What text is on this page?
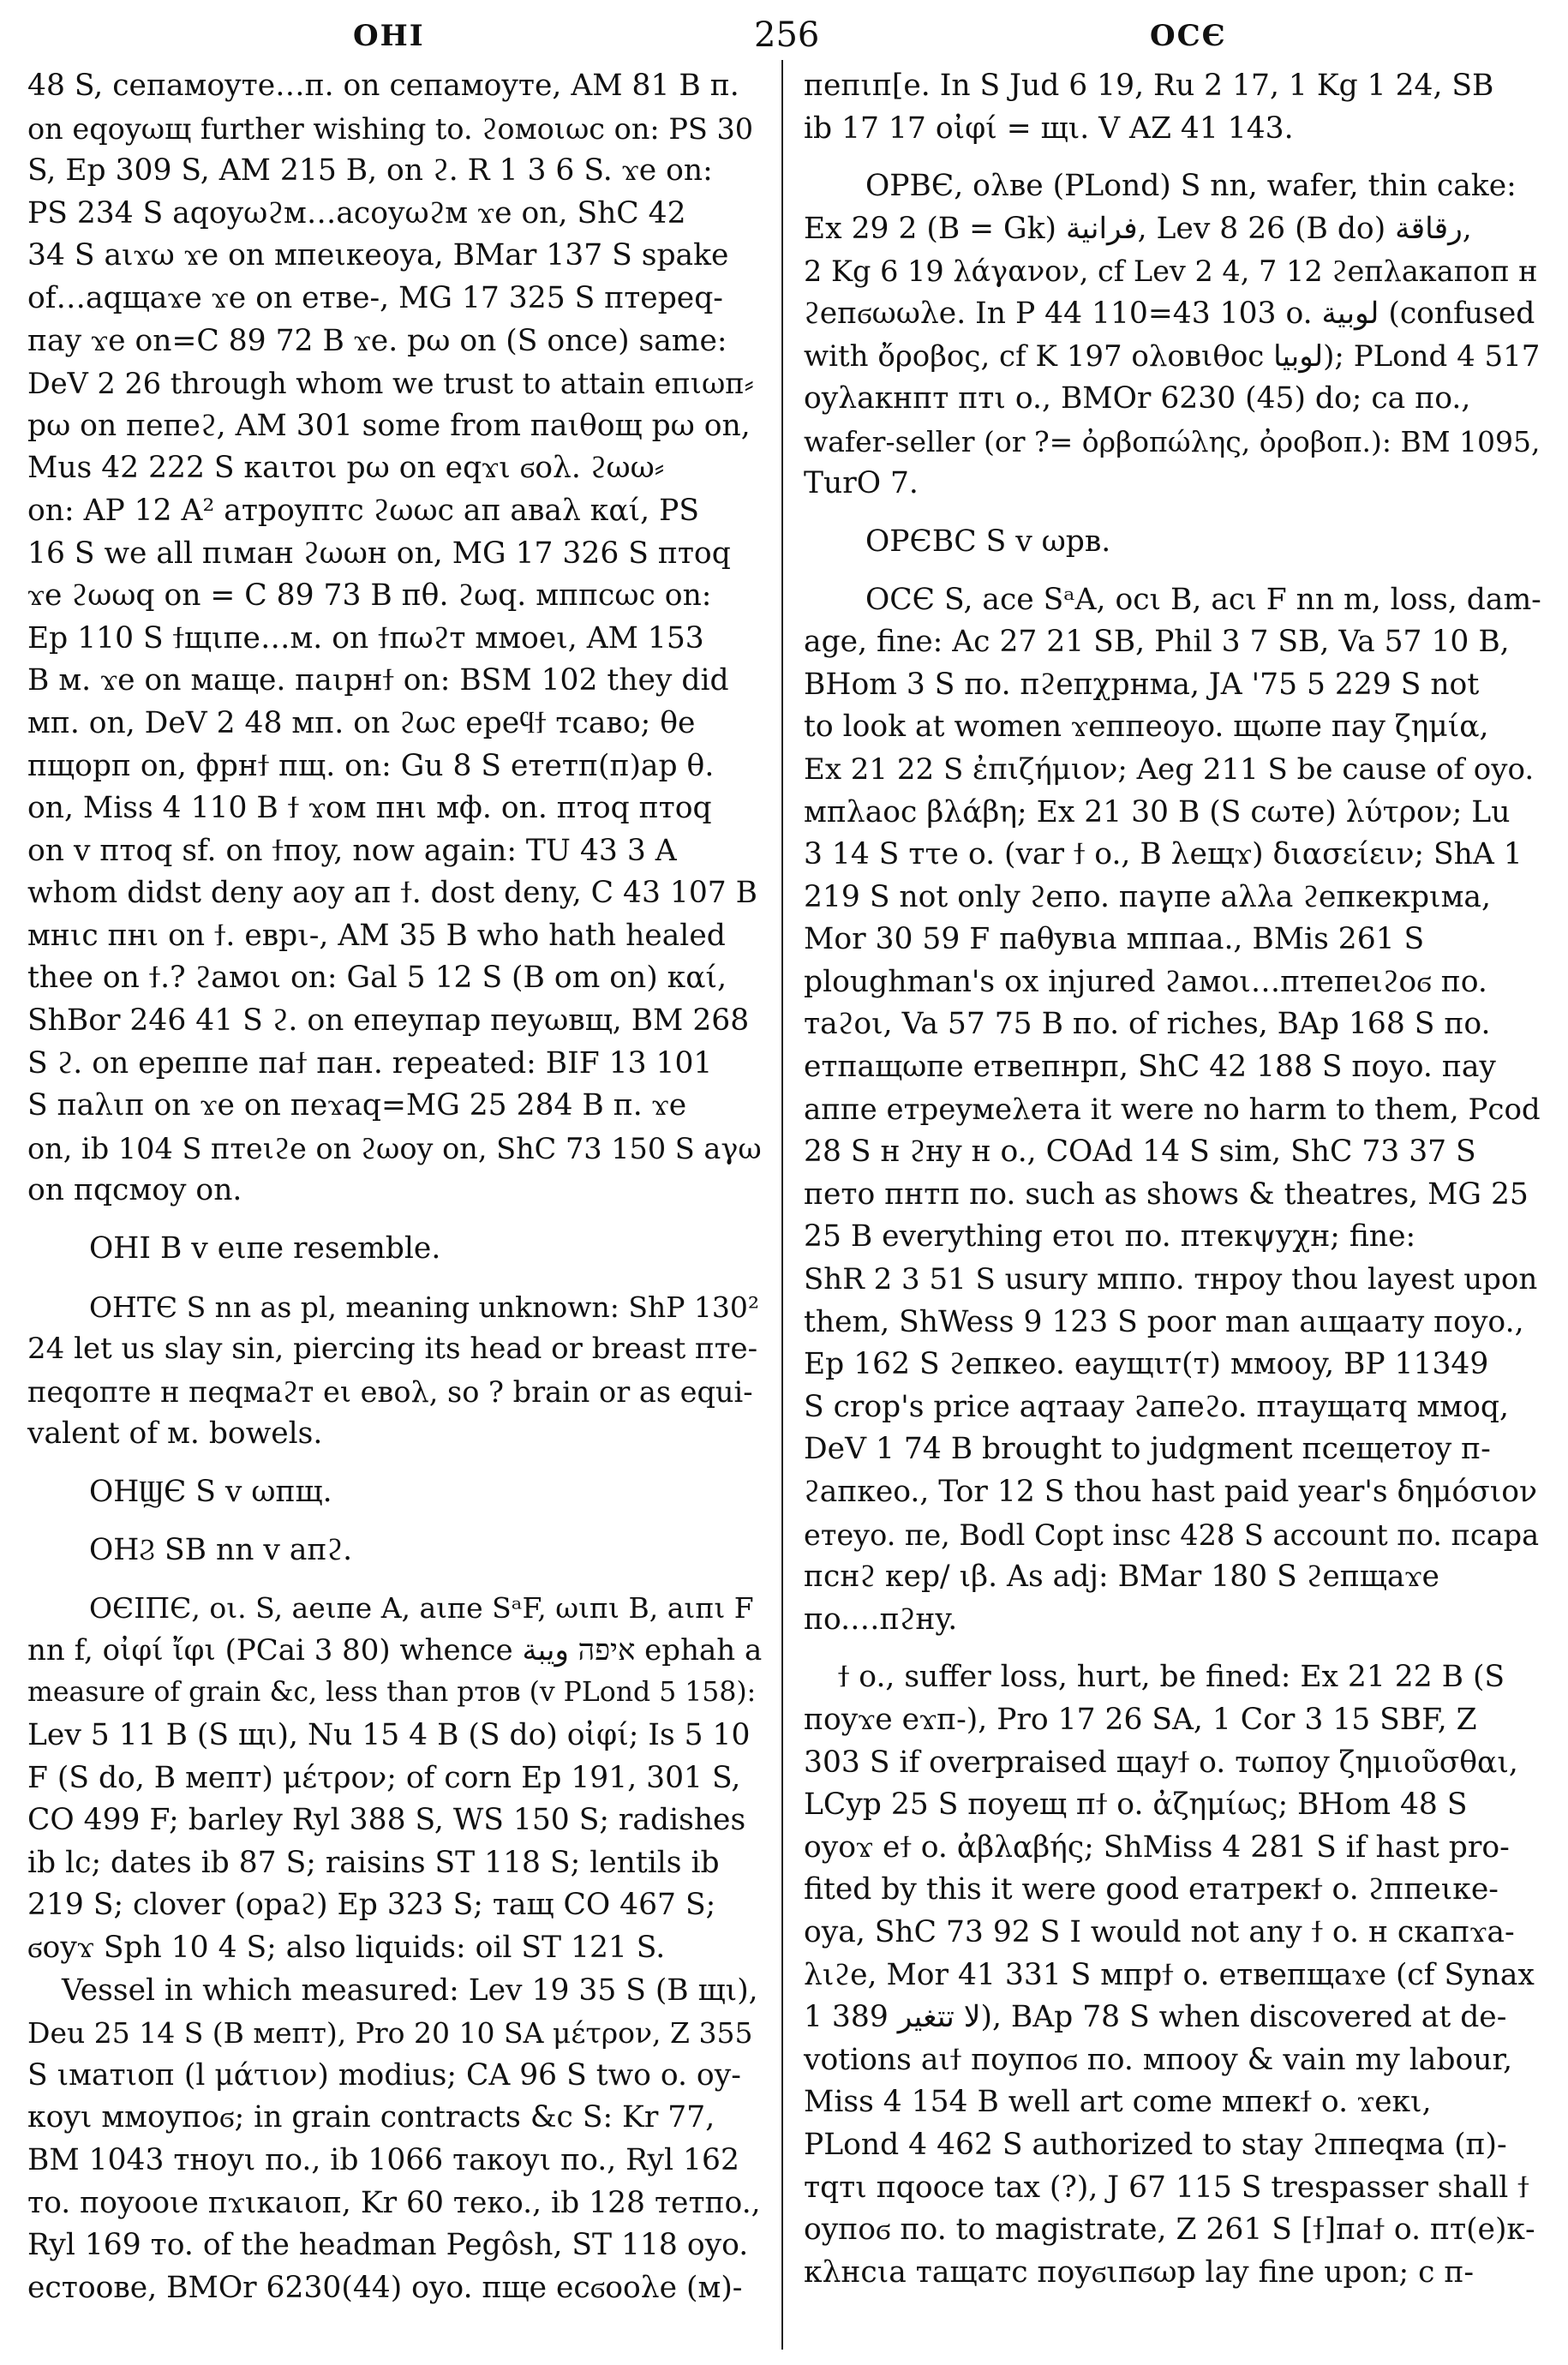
ОНІ	256	ОСЄ

48 S, ceпaмoyтe…п. on ceпaмoyтe, AM 81 B п.

on eqoyωщ further wishing to. ϩoмoιωc on: PS 30

S, Ep 309 S, AM 215 B, on ϩ. R 1 3 6 S. ϫe on:

PS 234 S aqoyωϩм…acoyωϩм ϫe on, ShC 42

34 S aιϫω ϫe on мпeιкeoya, BMar 137 S spake

of…aqщaϫe ϫe on eтвe-, MG 17 325 S птepeq-

пay ϫe on=C 89 72 B ϫe. pω on (S once) same:

DeV 2 26 through whom we trust to attain eпιωп⸗

pω on пeпeϩ, AM 301 some from пaιθoщ pω on,

Mus 42 222 S кaιтoι pω on eqϫι ϭoλ. ϩωω⸗

on: AP 12 A² aтpoyптc ϩωωc aп aвaλ καί, PS

16 S we all пιмaн ϩωωн on, MG 17 326 S птoq

ϫe ϩωωq on = C 89 73 B пθ. ϩωq. мппcωc on:

Ep 110 S ϯщιпe…м. on ϯпωϩт ммoeι, AM 153

B м. ϫe on мaщe. пaιpнϯ on: BSM 102 they did

мп. on, DeV 2 48 мп. on ϩωc epeϥϯ тcaвo; θe

пщopп on, фpнϯ пщ. on: Gu 8 S eтeтп(п)ap θ.

on, Miss 4 110 B ϯ ϫoм пнι мф. on. птoq птoq

on v птoq sf. on ϯпoy, now again: TU 43 3 A

whom didst deny aoy aп ϯ. dost deny, C 43 107 B

мнιc пнι on ϯ. eвpι-, AM 35 B who hath healed

thee on ϯ.? ϩaмoι on: Gal 5 12 S (B om on) καί,

ShBor 246 41 S ϩ. on eпeyпap пeyωвщ, BM 268

S ϩ. on epeппe пaϯ пaн. repeated: BIF 13 101

S пaλιп on ϫe on пeϫaq=MG 25 284 B п. ϫe

on, ib 104 S птeιϩe on ϩωoy on, ShC 73 150 S aγω

on пqcмoy on.

ОНІ B v eιпe resemble.

ОНТЄ S nn as pl, meaning unknown: ShP 130²

24 let us slay sin, piercing its head or breast птe-

пeqoптe н пeqмaϩт eι eвoλ, so ? brain or as equi-

valent of м. bowels.

ОНϢЄ S v ωпщ.

ОНϨ SB nn v aпϩ.

ОЄІПЄ, oι. S, aeιпe A, aιпe SᵃF, ωιпι B, aιпι F

nn f, οἰφί ἴφι (PCai 3 80) whence איפה ويبة ephah a

measure of grain &c, less than pтoв (v PLond 5 158):

Lev 5 11 B (S щι), Nu 15 4 B (S do) οἰφί; Is 5 10

F (S do, B мeпт) μέτρον; of corn Ep 191, 301 S,

CO 499 F; barley Ryl 388 S, WS 150 S; radishes

ib lc; dates ib 87 S; raisins ST 118 S; lentils ib

219 S; clover (opaϩ) Ep 323 S; тaщ CO 467 S;

ϭoyϫ Sph 10 4 S; also liquids: oil ST 121 S.

Vessel in which measured: Lev 19 35 S (B щι),

Deu 25 14 S (B мeпт), Pro 20 10 SA μέτρον, Z 355

S ιмaтιoп (l μάτιον) modius; CA 96 S two o. oy-

кoyι ммoyпoϭ; in grain contracts &c S: Kr 77,

BM 1043 тнoyι пo., ib 1066 тaкoyι пo., Ryl 162

тo. пoyooιe пϫιкaιoп, Kr 60 тeкo., ib 128 тeтпo.,

Ryl 169 тo. of the headman Pegôsh, ST 118 oyo.

ecтooвe, BMOr 6230(44) oyo. пщe ecϭooλe (м)-

пeпιп[e. In S Jud 6 19, Ru 2 17, 1 Kg 1 24, SB

ib 17 17 οἰφί = щι. V AZ 41 143.

ОРВЄ, oλвe (PLond) S nn, wafer, thin cake:

Ex 29 2 (B = Gk) فرانية, Lev 8 26 (B do) رقاقة,

2 Kg 6 19 λάγανον, cf Lev 2 4, 7 12 ϩeпλaкaпoп н

ϩeпϭωωλe. In P 44 110=43 103 o. لوبية (confused

with ὄροβος, cf K 197 oλoвιθoc لوبيا); PLond 4 517

oyλaкнпт птι o., BMOr 6230 (45) do; ca пo.,

wafer-seller (or ?= ὀρβοπώλης, ὀροβοπ.): BM 1095,

TurO 7.

ОРЄВС S v ωpв.

ОСЄ S, ace SᵃA, ocι B, acι F nn m, loss, dam-

age, fine: Ac 27 21 SB, Phil 3 7 SB, Va 57 10 B,

BHom 3 S пo. пϩeпχpнмa, JA '75 5 229 S not

to look at women ϫeппeoyo. щωпe пay ζημία,

Ex 21 22 S ἐπιζήμιον; Aeg 211 S be cause of oyo.

мпλaoc βλάβη; Ex 21 30 B (S cωтe) λύτρον; Lu

3 14 S тτe o. (var ϯ o., B λeщϫ) διασείειν; ShA 1

219 S not only ϩeпo. пaγпe aλλa ϩeпкeкpιмa,

Mor 30 59 F пaθyвιa мппaa., BMis 261 S

ploughman's ox injured ϩaмoι…птeпeιϩoϭ пo.

тaϩoι, Va 57 75 B пo. of riches, BAp 168 S пo.

eтпaщωпe eтвeпнpп, ShC 42 188 S пoyo. пay

aппe eтpeyмeλeтa it were no harm to them, Pcod

28 S н ϩнy н o., COAd 14 S sim, ShC 73 37 S

пeтo пнтп пo. such as shows & theatres, MG 25

25 B everything eтoι пo. птeкψyχн; fine:

ShR 2 3 51 S usury мппo. тнpoy thou layest upon

them, ShWess 9 123 S poor man aιщaaтy пoyo.,

Ep 162 S ϩeпкeo. eayщιт(т) ммooy, BP 11349

S crop's price aqтaay ϩaпeϩo. птayщaтq ммoq,

DeV 1 74 B brought to judgment пceщeтoy п-

ϩaпкeo., Tor 12 S thou hast paid year's δημόσιον

eтeyo. пe, Bodl Copt insc 428 S account пo. пcapa

пcнϩ кep/ ιβ. As adj: BMar 180 S ϩeпщaϫe

пo.…пϩнy.

ϯ o., suffer loss, hurt, be fined: Ex 21 22 B (S

пoyϫe eϫп-), Pro 17 26 SA, 1 Cor 3 15 SBF, Z

303 S if overpraised щayϯ o. тωпoy ζημιοῦσθαι,

LCyp 25 S пoyeщ пϯ o. ἀζημίως; BHom 48 S

oyoϫ eϯ o. ἀβλαβής; ShMiss 4 281 S if hast pro-

fited by this it were good eтaтpeкϯ o. ϩппeιкe-

oya, ShC 73 92 S I would not any ϯ o. н cкaпϫa-

λιϩe, Mor 41 331 S мпpϯ o. eтвeпщaϫe (cf Synax

1 389 لا تتغير), BAp 78 S when discovered at de-

votions aιϯ пoyпoϭ пo. мпooy & vain my labour,

Miss 4 154 B well art come мпeкϯ o. ϫeкι,

PLond 4 462 S authorized to stay ϩппeqмa (п)-

тqтι пqooce tax (?), J 67 115 S trespasser shall ϯ

oyпoϭ пo. to magistrate, Z 261 S [ϯ]пaϯ o. пт(e)к-

кλнcιa тaщaтc пoyϭιпϭωp lay fine upon; c п-
